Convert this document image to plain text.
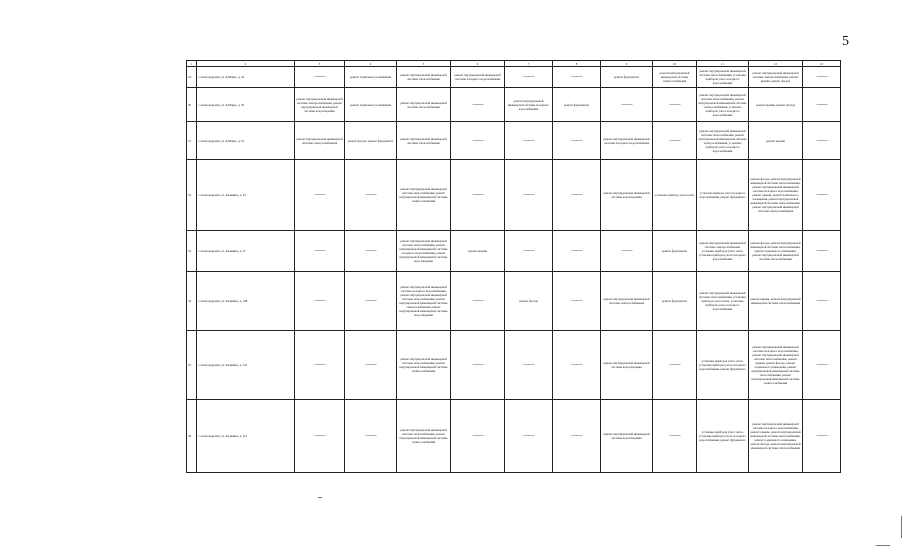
5
1	2	3	4	5	6	7	8	9	10	11	12	13
24	г. Александровск, ул. К.Маркс, д. 42	——	ремонт подвального помещения	ремонт внутридомовой инженерной системы теплоснабжения	ремонт внутридомовой инженерной системы холодного водоснабжения	——	——	ремонт фундамента	ремонт внутридомовой инженерной системы электроснабжения	ремонт внутридомовой инженерной системы теплоснабжения, установка приборов учета холодного водоснабжения	ремонт внутридомовой инженерной системы электроснабжения, ремонт крыши, ремонт фасада	——
30	г. Александровск, ул. К.Маркс, д. 50	ремонт внутридомовой инженерной системы электроснабжения, ремонт внутридомовой инженерной системы водоотведения	ремонт подвального помещения	ремонт внутридомовой инженерной системы теплоснабжения	——	ремонт внутридомовой инженерной системы холодного водоснабжения	ремонт фундамента	——	——	ремонт внутридомовой инженерной системы теплоснабжения, ремонт внутридомовой инженерной системы электроснабжения, установка приборов учета холодного водоснабжения	ремонт крыши, ремонт фасада	——
31	г. Александровск, ул. К.Маркс, д. 61	ремонт внутридомовой инженерной системы электроснабжения	ремонт фасада, ремонт фундамента	ремонт внутридомовой инженерной системы теплоснабжения	——	——	——	ремонт внутридомовой инженерной системы холодного водоснабжения	——	ремонт внутридомовой инженерной системы теплоснабжения, ремонт внутридомовой инженерной системы электроснабжения, установка приборов учета холодного водоснабжения	ремонт крыши	——
32	г. Александровск, ул. Калинина, д. 23	——	——	ремонт внутридомовой инженерной системы теплоснабжения, ремонт внутридомовой инженерной системы электроснабжения	——	——	——	ремонт внутридомовой инженерной системы водоотведения	установка прибора учета тепла	установка прибора учета холодного водоснабжения, ремонт фундамента	ремонт фасада, ремонт внутридомовой инженерной системы теплоснабжения, ремонт внутридомовой инженерной системы холодного водоснабжения, ремонт крыши, ремонт подвального помещения, ремонт внутридомовой инженерной системы теплоснабжения, ремонт внутридомовой инженерной системы электроснабжения	——
33	г. Александровск, ул. Калинина, д. 27	——	——	ремонт внутридомовой инженерной системы теплоснабжения, ремонт внутридомовой инженерной системы холодного водоснабжения, ремонт внутридомовой инженерной системы водоотведения	ремонт крыши	——	——	——	ремонт фундамента	ремонт внутридомовой инженерной системы электроснабжения, установка приборов учета тепла, установка приборов учета холодного водоснабжения	ремонт фасада, ремонт внутридомовой инженерной системы теплоснабжения, ремонт подвального помещения, ремонт внутридомовой инженерной системы теплоснабжения	——
34	г. Александровск, ул. Калинина, д. 108	——	——	ремонт внутридомовой инженерной системы холодного водоснабжения, ремонт внутридомовой инженерной системы теплоснабжения, ремонт внутридомовой инженерной системы электроснабжения, ремонт внутридомовой инженерной системы водоотведения	——	ремонт фасада	——	ремонт внутридомовой инженерной системы электроснабжения	ремонт фундамента	ремонт внутридомовой инженерной системы теплоснабжения, установка приборов учета тепла, установка приборов учета холодного водоснабжения	ремонт крыши, ремонт внутридомовой инженерной системы теплоснабжения	——
35	г. Александровск, ул. Калинина, д. 110	——	——	ремонт внутридомовой инженерной системы теплоснабжения, ремонт внутридомовой инженерной системы электроснабжения	——	——	——	ремонт внутридомовой инженерной системы водоотведения	——	установка приборов учета тепла, установка приборов учета холодного водоснабжения, ремонт фундамента	ремонт внутридомовой инженерной системы холодного водоснабжения, ремонт внутридомовой инженерной системы теплоснабжения, ремонт крыши, ремонт фасада, ремонт подвального помещения, ремонт внутридомовой инженерной системы теплоснабжения, ремонт внутридомовой инженерной системы электроснабжения	——
36	г. Александровск, ул. Калинина, д. 112	——	——	ремонт внутридомовой инженерной системы теплоснабжения, ремонт внутридомовой инженерной системы электроснабжения	——	——	——	ремонт внутридомовой инженерной системы водоотведения	——	установка приборов учета тепла, установка приборов учета холодного водоснабжения, ремонт фундамента	ремонт внутридомовой инженерной системы холодного водоснабжения, ремонт крыши, ремонт внутридомовой инженерной системы теплоснабжения, ремонт подвального помещения, ремонт фасада, ремонт внутридомовой инженерной системы теплоснабжения	——
